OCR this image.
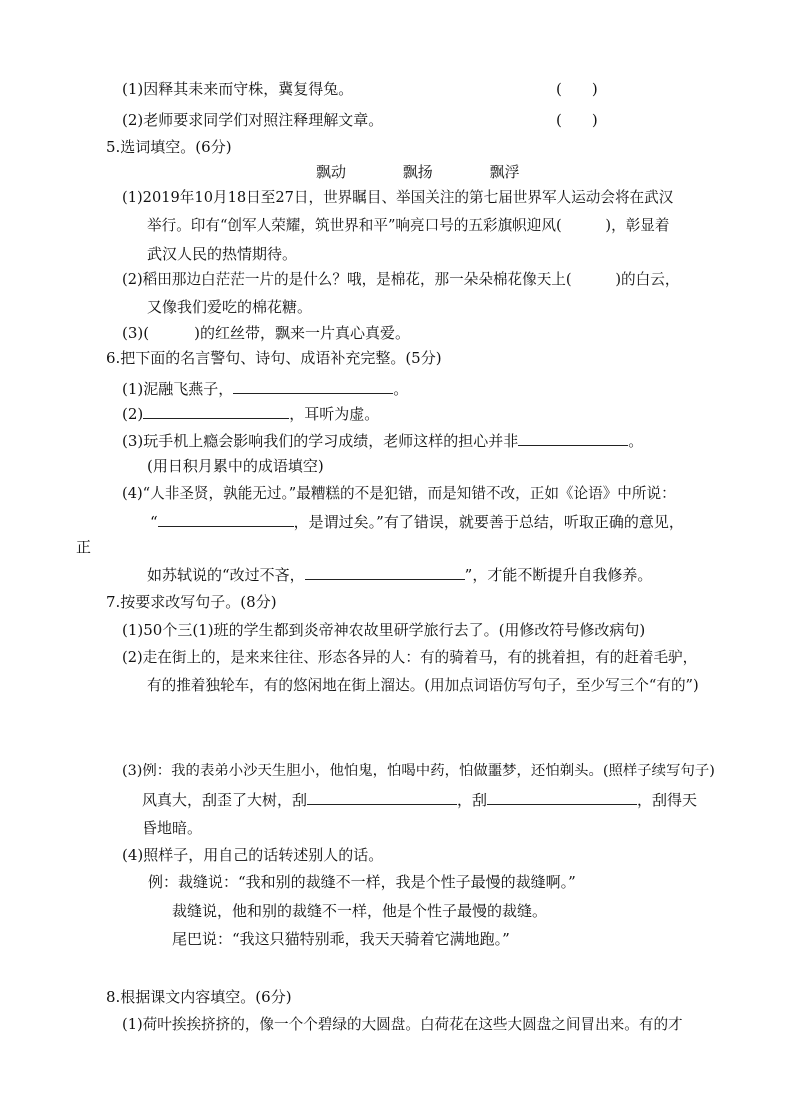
(1)因释其耒来而守株，冀复得兔。	(　　)
(2)老师要求同学们对照注释理解文章。	(　　)
5.选词填空。(6分)
飘动	飘扬	飘浮
(1)2019年10月18日至27日，世界瞩目、举国关注的第七届世界军人运动会将在武汉
举行。印有“创军人荣耀，筑世界和平”响亮口号的五彩旗帜迎风(　　　)，彰显着
武汉人民的热情期待。
(2)稻田那边白茫茫一片的是什么？哦，是棉花，那一朵朵棉花像天上(　　　)的白云，
又像我们爱吃的棉花糖。
(3)(　　　)的红丝带，飘来一片真心真爱。
6.把下面的名言警句、诗句、成语补充完整。(5分)
(1)泥融飞燕子，	。
(2)	，耳听为虚。
(3)玩手机上瘾会影响我们的学习成绩，老师这样的担心并非	。
(用日积月累中的成语填空)
(4)“人非圣贤，孰能无过。”最糟糕的不是犯错，而是知错不改，正如《论语》中所说：
“	，是谓过矣。”有了错误，就要善于总结，听取正确的意见，
正
如苏轼说的“改过不吝，	”，才能不断提升自我修养。
7.按要求改写句子。(8分)
(1)50个三(1)班的学生都到炎帝神农故里研学旅行去了。(用修改符号修改病句)
(2)走在街上的，是来来往往、形态各异的人：有的骑着马，有的挑着担，有的赶着毛驴，
有的推着独轮车，有的悠闲地在街上溜达。(用加点词语仿写句子，至少写三个“有的”)
(3)例：我的表弟小沙天生胆小，他怕鬼，怕喝中药，怕做噩梦，还怕剃头。(照样子续写句子)
风真大，刮歪了大树，刮	，刮	，刮得天
昏地暗。
(4)照样子，用自己的话转述别人的话。
例：裁缝说：“我和别的裁缝不一样，我是个性子最慢的裁缝啊。”
裁缝说，他和别的裁缝不一样，他是个性子最慢的裁缝。
尾巴说：“我这只猫特别乖，我天天骑着它满地跑。”
8.根据课文内容填空。(6分)
(1)荷叶挨挨挤挤的，像一个个碧绿的大圆盘。白荷花在这些大圆盘之间冒出来。有的才
